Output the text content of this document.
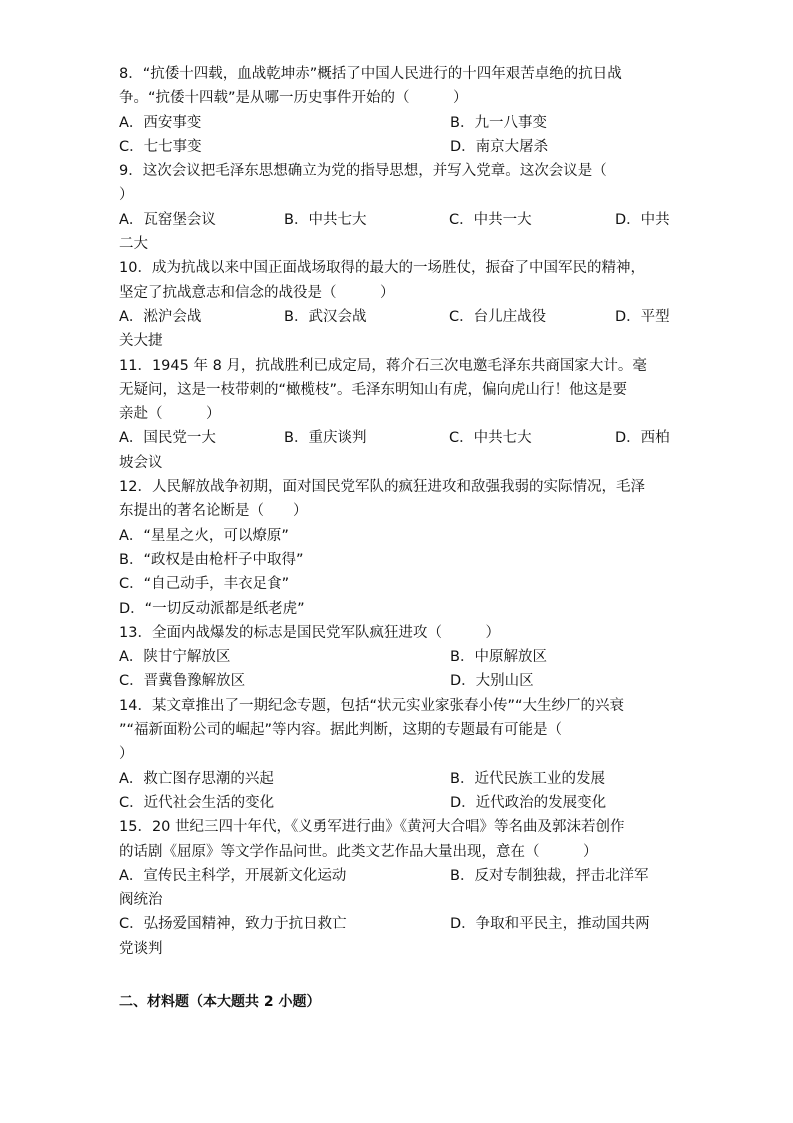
8．“抗倭十四载，血战乾坤赤”概括了中国人民进行的十四年艰苦卓绝的抗日战
争。“抗倭十四载”是从哪一历史事件开始的（　　　）
A．西安事变	B．九一八事变
C．七七事变	D．南京大屠杀
9．这次会议把毛泽东思想确立为党的指导思想，并写入党章。这次会议是（
）
A．瓦窑堡会议	B．中共七大	C．中共一大	D．中共
二大
10．成为抗战以来中国正面战场取得的最大的一场胜仗，振奋了中国军民的精神，
坚定了抗战意志和信念的战役是（　　　）
A．淞沪会战	B．武汉会战	C．台儿庄战役	D．平型
关大捷
11．1945 年 8 月，抗战胜利已成定局，蒋介石三次电邀毛泽东共商国家大计。毫
无疑问，这是一枝带刺的“橄榄枝”。毛泽东明知山有虎，偏向虎山行！他这是要
亲赴（　　　）
A．国民党一大	B．重庆谈判	C．中共七大	D．西柏
坡会议
12．人民解放战争初期，面对国民党军队的疯狂进攻和敌强我弱的实际情况，毛泽
东提出的著名论断是（　　）
A．“星星之火，可以燎原”
B．“政权是由枪杆子中取得”
C．“自己动手，丰衣足食”
D．“一切反动派都是纸老虎”
13．全面内战爆发的标志是国民党军队疯狂进攻（　　　）
A．陕甘宁解放区	B．中原解放区
C．晋冀鲁豫解放区	D．大别山区
14．某文章推出了一期纪念专题，包括“状元实业家张春小传”“大生纱厂的兴衰
”“福新面粉公司的崛起”等内容。据此判断，这期的专题最有可能是（
）
A．救亡图存思潮的兴起	B．近代民族工业的发展
C．近代社会生活的变化	D．近代政治的发展变化
15．20 世纪三四十年代，《义勇军进行曲》《黄河大合唱》等名曲及郭沫若创作
的话剧《屈原》等文学作品问世。此类文艺作品大量出现，意在（　　　）
A．宣传民主科学，开展新文化运动	B．反对专制独裁，抨击北洋军
阀统治
C．弘扬爱国精神，致力于抗日救亡	D．争取和平民主，推动国共两
党谈判
二、材料题（本大题共 2 小题）
